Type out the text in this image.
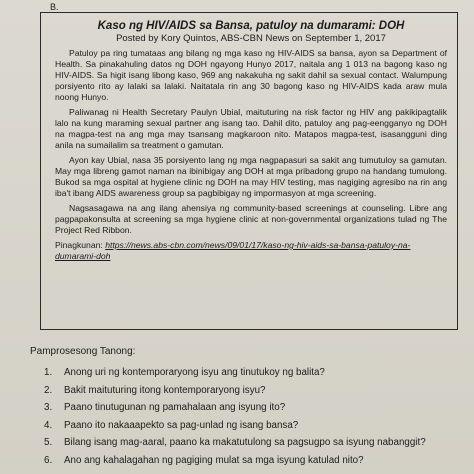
B.
Kaso ng HIV/AIDS sa Bansa, patuloy na dumarami: DOH
Posted by Kory Quintos, ABS-CBN News on September 1, 2017

Patuloy pa ring tumataas ang bilang ng mga kaso ng HIV-AIDS sa bansa, ayon sa Department of Health. Sa pinakahuling datos ng DOH ngayong Hunyo 2017, naitala ang 1 013 na bagong kaso ng HIV-AIDS. Sa higit isang libong kaso, 969 ang nakakuha ng sakit dahil sa sexual contact. Walumpung porsiyento rito ay lalaki sa lalaki. Naitatala rin ang 30 bagong kaso ng HIV-AIDS kada araw mula noong Hunyo.

Paliwanag ni Health Secretary Paulyn Ubial, maituturing na risk factor ng HIV ang pakikipagtalik lalo na kung maraming sexual partner ang isang tao. Dahil dito, patuloy ang pag-eengganyo ng DOH na magpa-test na ang mga may tsansang magkaroon nito. Matapos magpa-test, isasangguni ding anila na sumailalim sa treatment o gamutan.

Ayon kay Ubial, nasa 35 porsiyento lang ng mga nagpapasuri sa sakit ang tumutuloy sa gamutan. May mga libreng gamot naman na ibinibigay ang DOH at mga pribadong grupo na handang tumulong. Bukod sa mga ospital at hygiene clinic ng DOH na may HIV testing, mas nagiging agresibo na rin ang iba't ibang AIDS awareness group sa pagbibigay ng impormasyon at mga screening.

Nagsasagawa na ang ilang ahensiya ng community-based screenings at counseling. Libre ang pagpapakonsulta at screening sa mga hygiene clinic at non-governmental organizations tulad ng The Project Red Ribbon.

Pinagkunan: https://news.abs-cbn.com/news/09/01/17/kaso-ng-hiv-aids-sa-bansa-patuloy-na-dumarami-doh
Pamprosesong Tanong:
1. Anong uri ng kontemporaryong isyu ang tinutukoy ng balita?
2. Bakit maituturing itong kontemporaryong isyu?
3. Paano tinutugunan ng pamahalaan ang isyung ito?
4. Paano ito nakaaapekto sa pag-unlad ng isang bansa?
5. Bilang isang mag-aaral, paano ka makatutulong sa pagsugpo sa isyung nabanggit?
6. Ano ang kahalagahan ng pagiging mulat sa mga isyung katulad nito?
